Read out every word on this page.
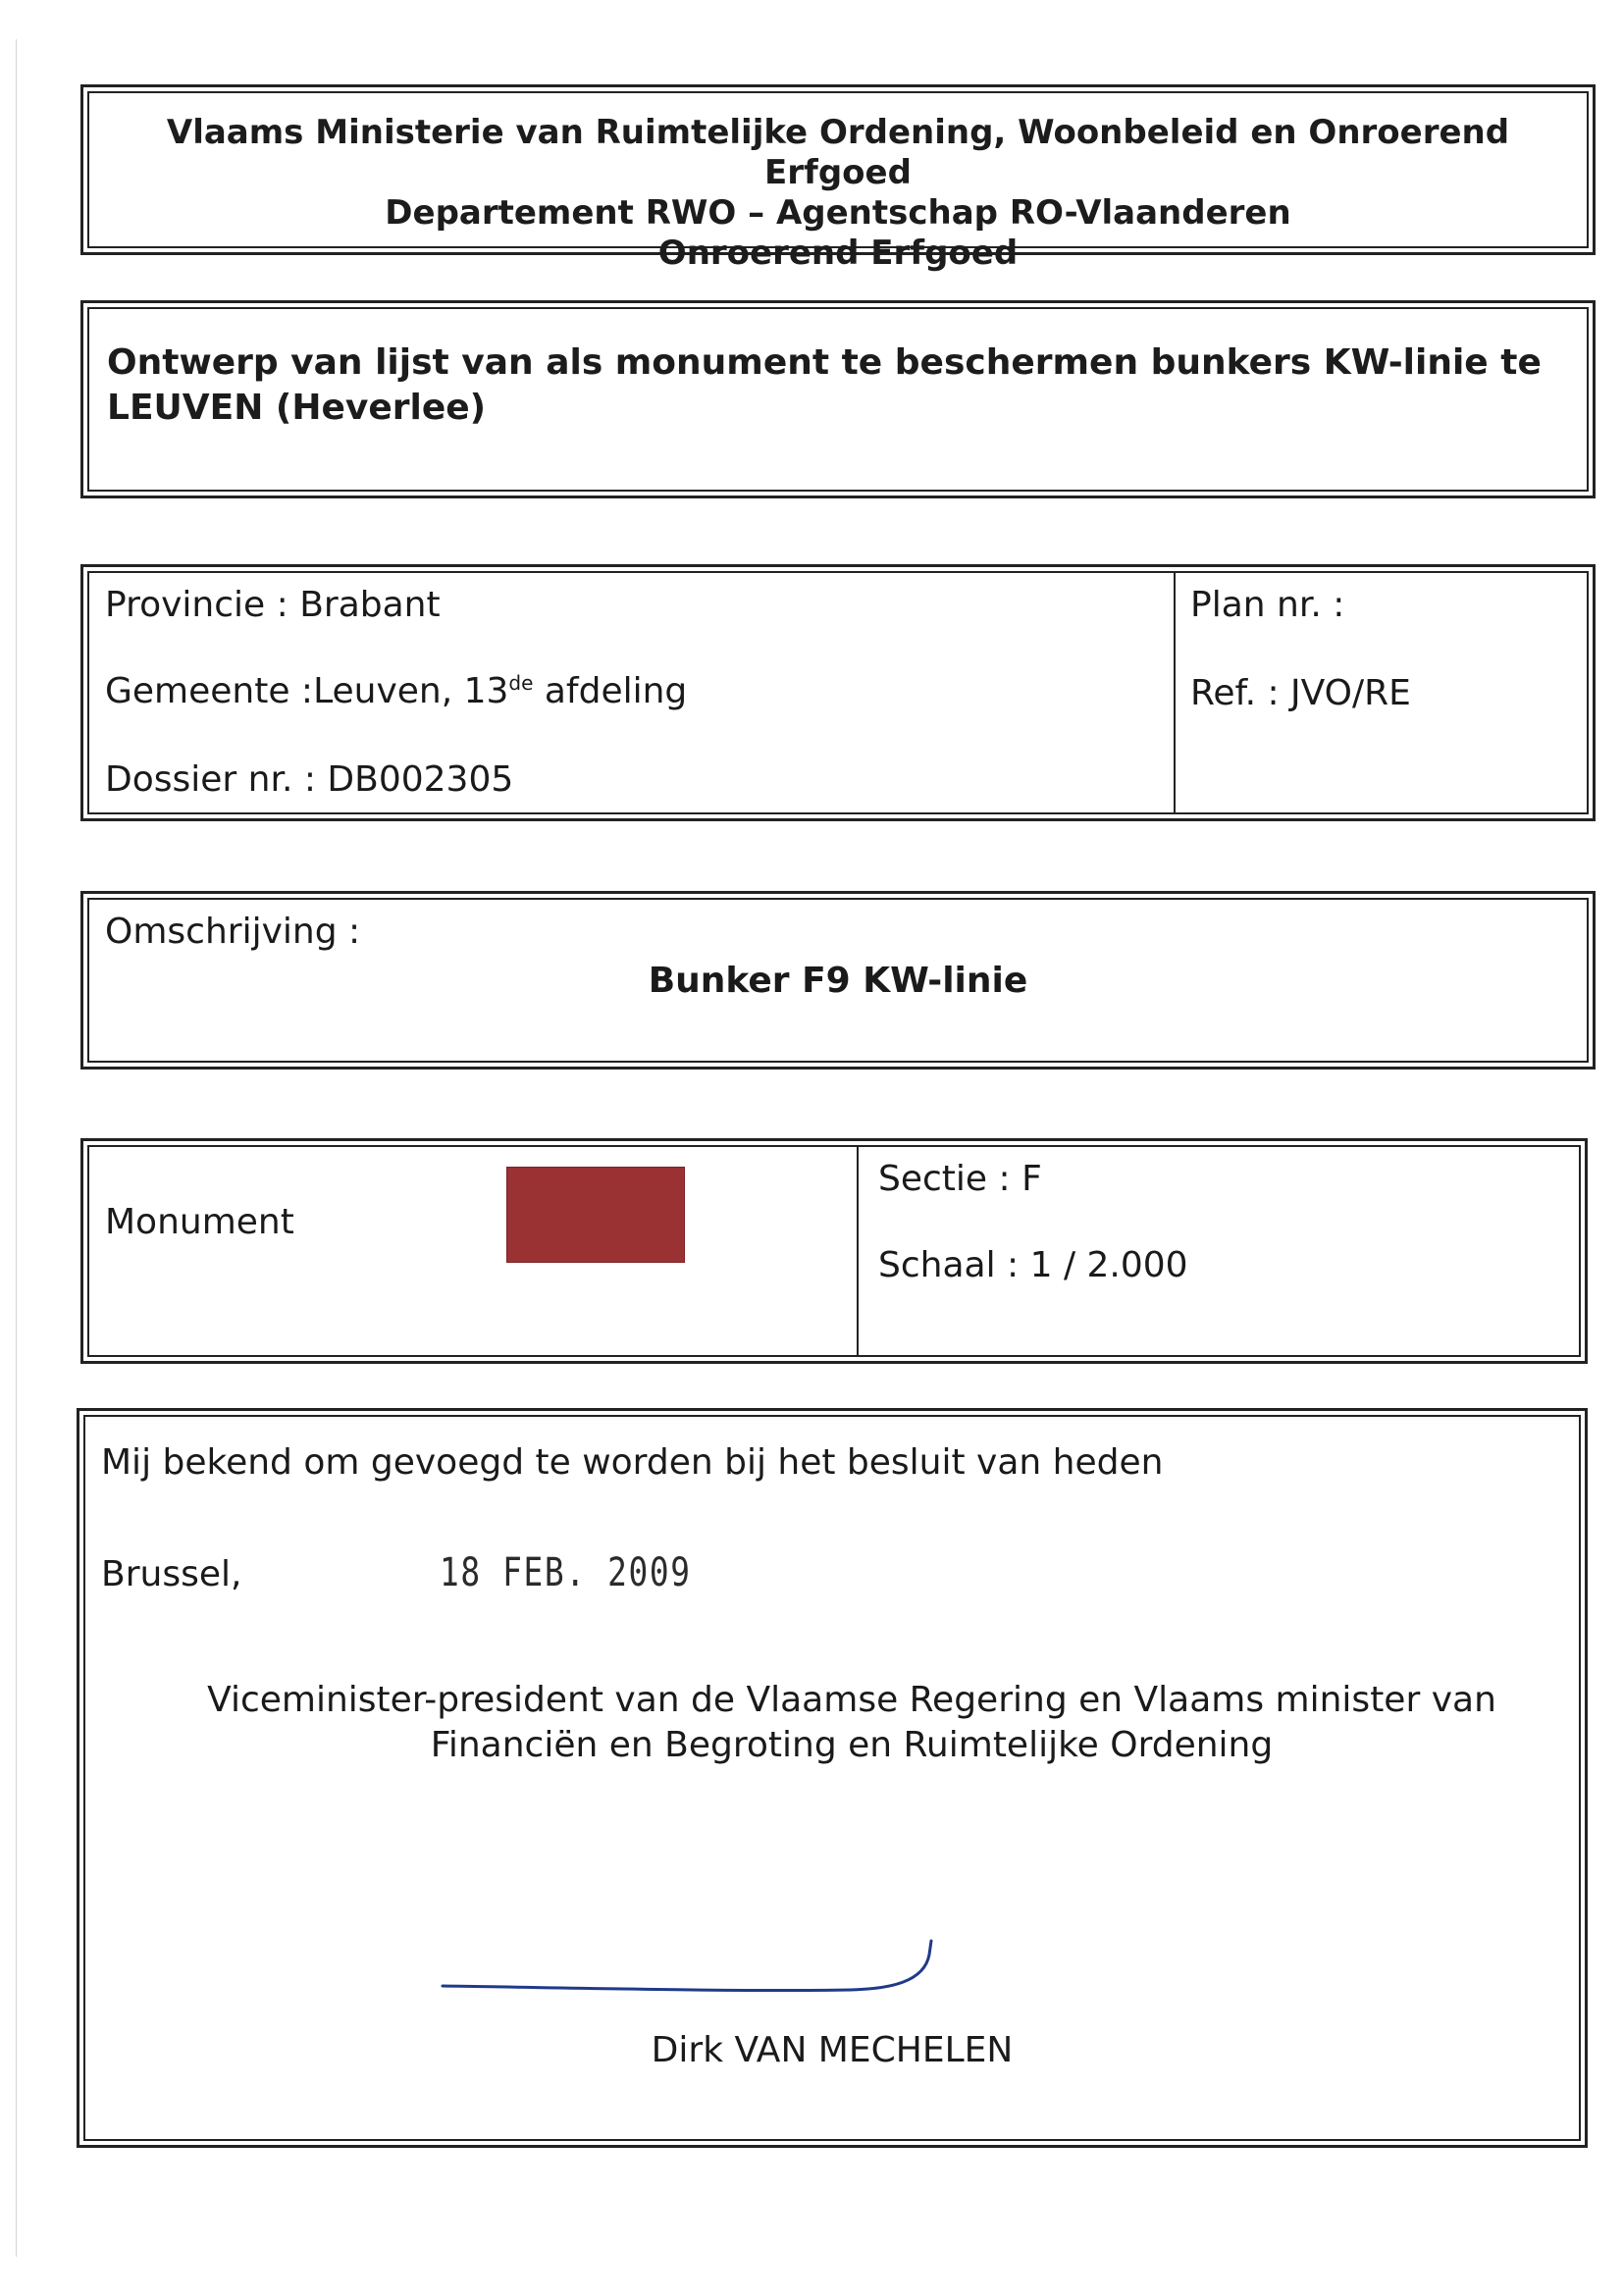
Vlaams Ministerie van Ruimtelijke Ordening, Woonbeleid en Onroerend Erfgoed
Departement RWO – Agentschap RO-Vlaanderen
Onroerend Erfgoed
Ontwerp van lijst van als monument te beschermen bunkers KW-linie te
LEUVEN (Heverlee)
Provincie : Brabant
Gemeente :Leuven, 13de afdeling
Dossier nr. : DB002305
Plan nr. :
Ref. : JVO/RE
Omschrijving :
Bunker F9 KW-linie
Monument
Sectie : F
Schaal : 1 / 2.000
Mij bekend om gevoegd te worden bij het besluit van heden
Brussel,	18 FEB. 2009
Viceminister-president van de Vlaamse Regering en Vlaams minister van
Financiën en Begroting en Ruimtelijke Ordening
Dirk VAN MECHELEN
